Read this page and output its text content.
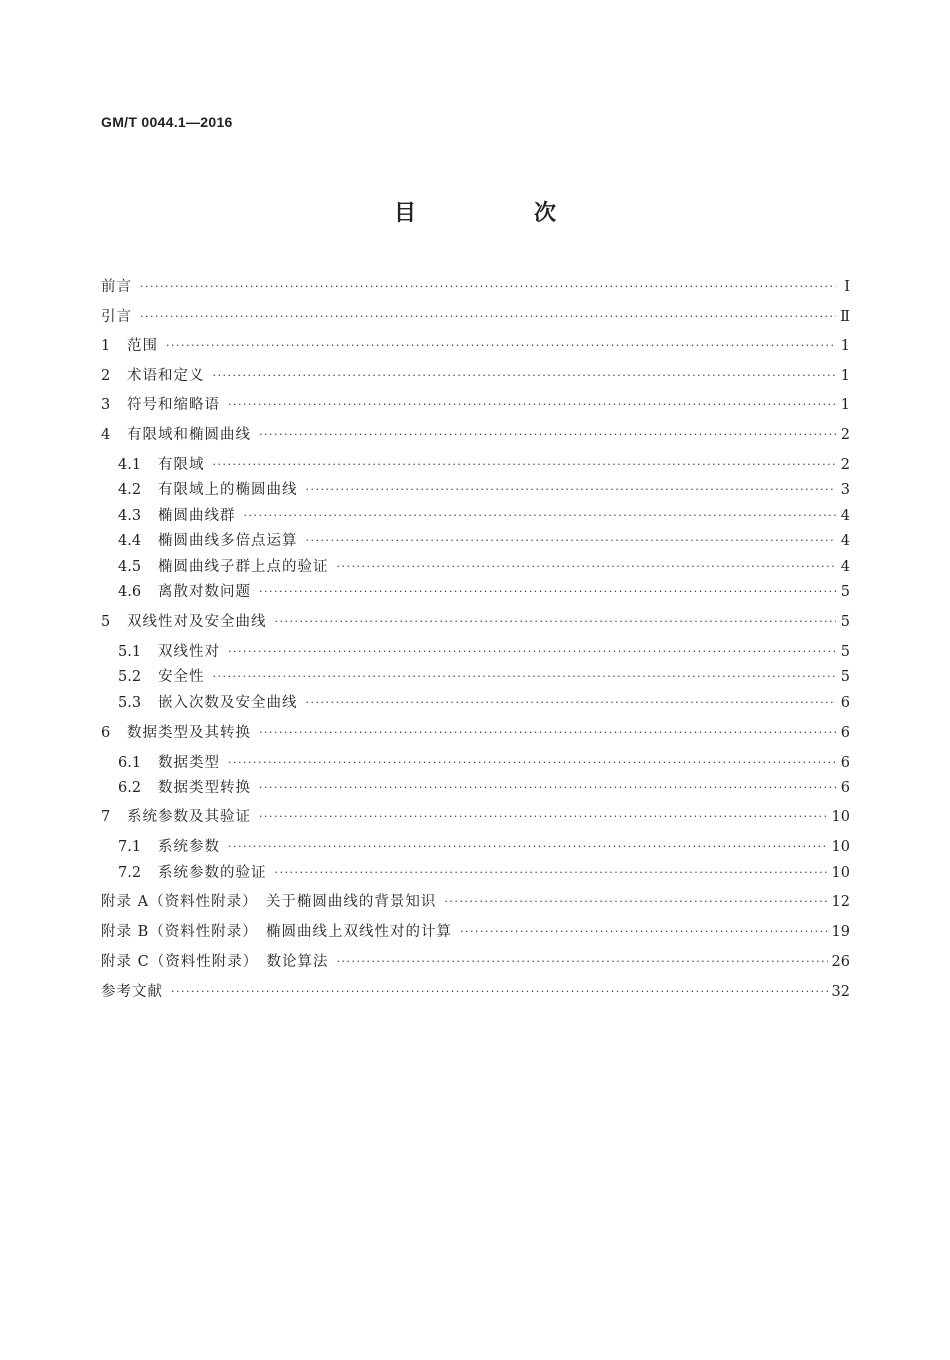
GM/T 0044.1—2016
目　次
前言 ·····	Ⅰ
引言 ·····	Ⅱ
1	范围 ·····	1
2	术语和定义 ·····	1
3	符号和缩略语 ·····	1
4	有限域和椭圆曲线 ·····	2
4.1	有限域 ·····	2
4.2	有限域上的椭圆曲线 ·····	3
4.3	椭圆曲线群 ·····	4
4.4	椭圆曲线多倍点运算 ·····	4
4.5	椭圆曲线子群上点的验证 ·····	4
4.6	离散对数问题 ·····	5
5	双线性对及安全曲线 ·····	5
5.1	双线性对 ·····	5
5.2	安全性 ·····	5
5.3	嵌入次数及安全曲线 ·····	6
6	数据类型及其转换 ·····	6
6.1	数据类型 ·····	6
6.2	数据类型转换 ·····	6
7	系统参数及其验证 ·····	10
7.1	系统参数 ·····	10
7.2	系统参数的验证 ·····	10
附录 A（资料性附录）　关于椭圆曲线的背景知识 ·····	12
附录 B（资料性附录）　椭圆曲线上双线性对的计算 ·····	19
附录 C（资料性附录）　数论算法 ·····	26
参考文献 ·····	32
